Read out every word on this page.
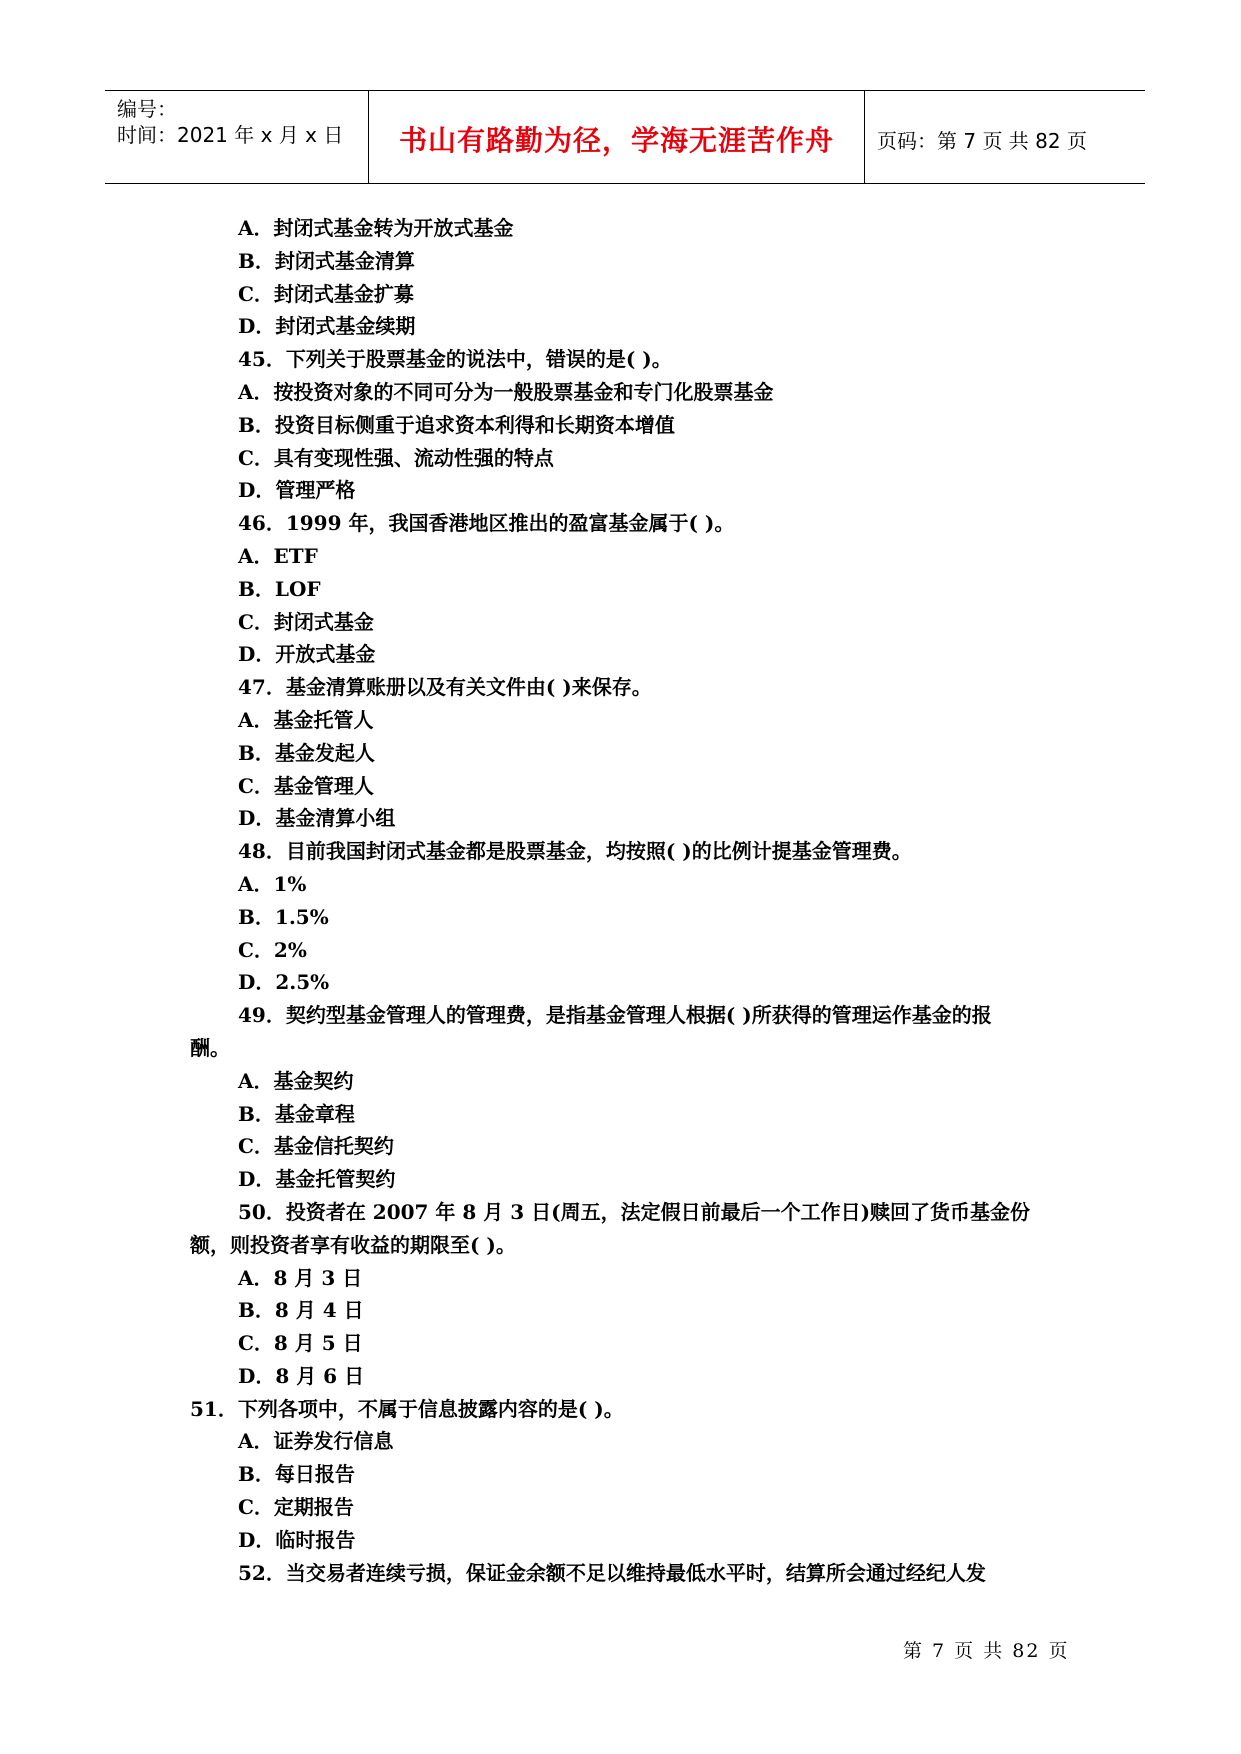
编号：
时间：2021 年 x 月 x 日	书山有路勤为径，学海无涯苦作舟	页码：第 7 页 共 82 页
A．封闭式基金转为开放式基金
B．封闭式基金清算
C．封闭式基金扩募
D．封闭式基金续期
45．下列关于股票基金的说法中，错误的是( )。
A．按投资对象的不同可分为一般股票基金和专门化股票基金
B．投资目标侧重于追求资本利得和长期资本增值
C．具有变现性强、流动性强的特点
D．管理严格
46．1999 年，我国香港地区推出的盈富基金属于( )。
A．ETF
B．LOF
C．封闭式基金
D．开放式基金
47．基金清算账册以及有关文件由( )来保存。
A．基金托管人
B．基金发起人
C．基金管理人
D．基金清算小组
48．目前我国封闭式基金都是股票基金，均按照( )的比例计提基金管理费。
A．1%
B．1.5%
C．2%
D．2.5%
49．契约型基金管理人的管理费，是指基金管理人根据( )所获得的管理运作基金的报
酬。
A．基金契约
B．基金章程
C．基金信托契约
D．基金托管契约
50．投资者在 2007 年 8 月 3 日(周五，法定假日前最后一个工作日)赎回了货币基金份
额，则投资者享有收益的期限至( )。
A．8 月 3 日
B．8 月 4 日
C．8 月 5 日
D．8 月 6 日
51．下列各项中，不属于信息披露内容的是( )。
A．证券发行信息
B．每日报告
C．定期报告
D．临时报告
52．当交易者连续亏损，保证金余额不足以维持最低水平时，结算所会通过经纪人发
第 7 页 共 82 页
